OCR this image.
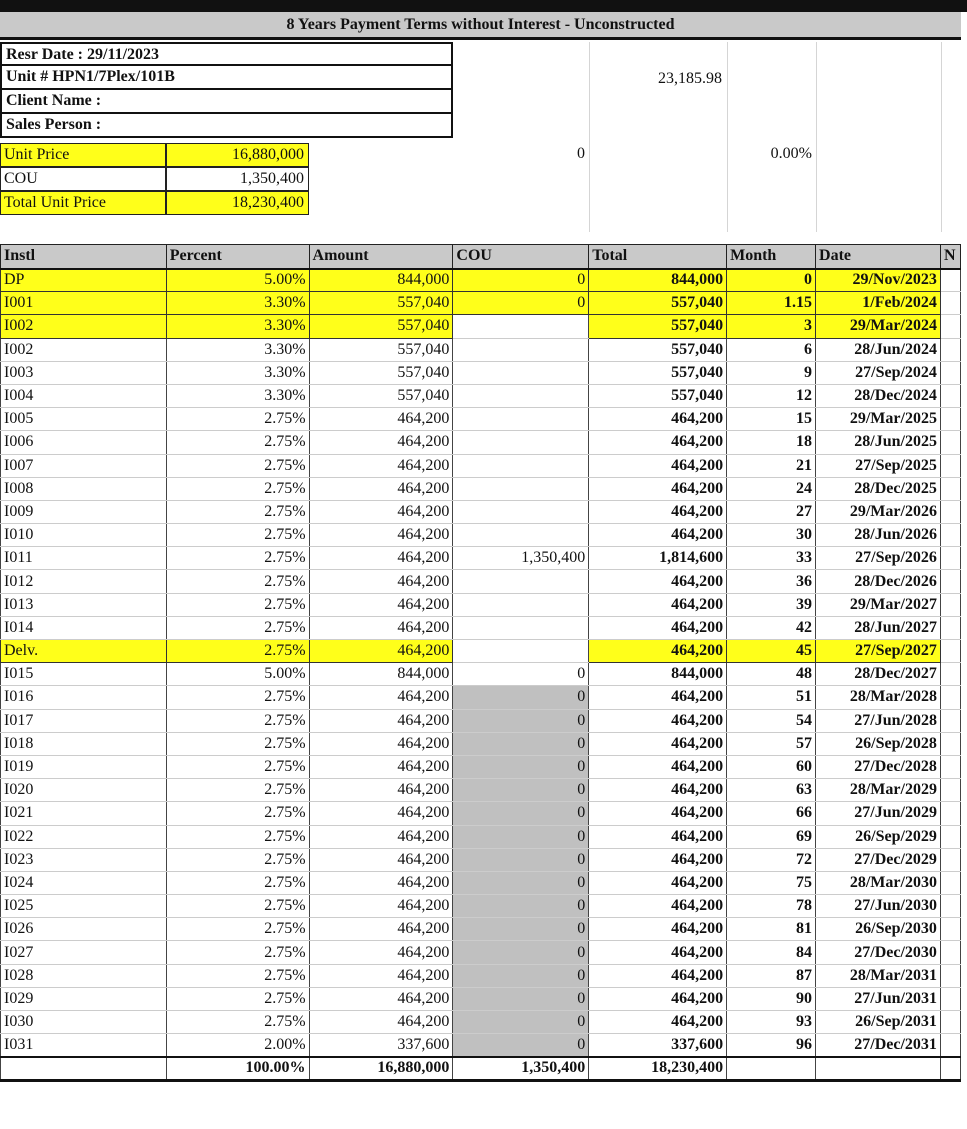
8 Years Payment Terms without Interest - Unconstructed
Resr Date : 29/11/2023
Unit # HPN1/7Plex/101B
Client Name :
Sales Person :
23,185.98
Unit Price	16,880,000
COU	1,350,400
Total Unit Price	18,230,400
0	0.00%
Instl	Percent	Amount	COU	Total	Month	Date	N
DP	5.00%	844,000	0	844,000	0	29/Nov/2023	
I001	3.30%	557,040	0	557,040	1.15	1/Feb/2024	
I002	3.30%	557,040		557,040	3	29/Mar/2024	
I002	3.30%	557,040		557,040	6	28/Jun/2024	
I003	3.30%	557,040		557,040	9	27/Sep/2024	
I004	3.30%	557,040		557,040	12	28/Dec/2024	
I005	2.75%	464,200		464,200	15	29/Mar/2025	
I006	2.75%	464,200		464,200	18	28/Jun/2025	
I007	2.75%	464,200		464,200	21	27/Sep/2025	
I008	2.75%	464,200		464,200	24	28/Dec/2025	
I009	2.75%	464,200		464,200	27	29/Mar/2026	
I010	2.75%	464,200		464,200	30	28/Jun/2026	
I011	2.75%	464,200	1,350,400	1,814,600	33	27/Sep/2026	
I012	2.75%	464,200		464,200	36	28/Dec/2026	
I013	2.75%	464,200		464,200	39	29/Mar/2027	
I014	2.75%	464,200		464,200	42	28/Jun/2027	
Delv.	2.75%	464,200		464,200	45	27/Sep/2027	
I015	5.00%	844,000	0	844,000	48	28/Dec/2027	
I016	2.75%	464,200	0	464,200	51	28/Mar/2028	
I017	2.75%	464,200	0	464,200	54	27/Jun/2028	
I018	2.75%	464,200	0	464,200	57	26/Sep/2028	
I019	2.75%	464,200	0	464,200	60	27/Dec/2028	
I020	2.75%	464,200	0	464,200	63	28/Mar/2029	
I021	2.75%	464,200	0	464,200	66	27/Jun/2029	
I022	2.75%	464,200	0	464,200	69	26/Sep/2029	
I023	2.75%	464,200	0	464,200	72	27/Dec/2029	
I024	2.75%	464,200	0	464,200	75	28/Mar/2030	
I025	2.75%	464,200	0	464,200	78	27/Jun/2030	
I026	2.75%	464,200	0	464,200	81	26/Sep/2030	
I027	2.75%	464,200	0	464,200	84	27/Dec/2030	
I028	2.75%	464,200	0	464,200	87	28/Mar/2031	
I029	2.75%	464,200	0	464,200	90	27/Jun/2031	
I030	2.75%	464,200	0	464,200	93	26/Sep/2031	
I031	2.00%	337,600	0	337,600	96	27/Dec/2031	
	100.00%	16,880,000	1,350,400	18,230,400			
